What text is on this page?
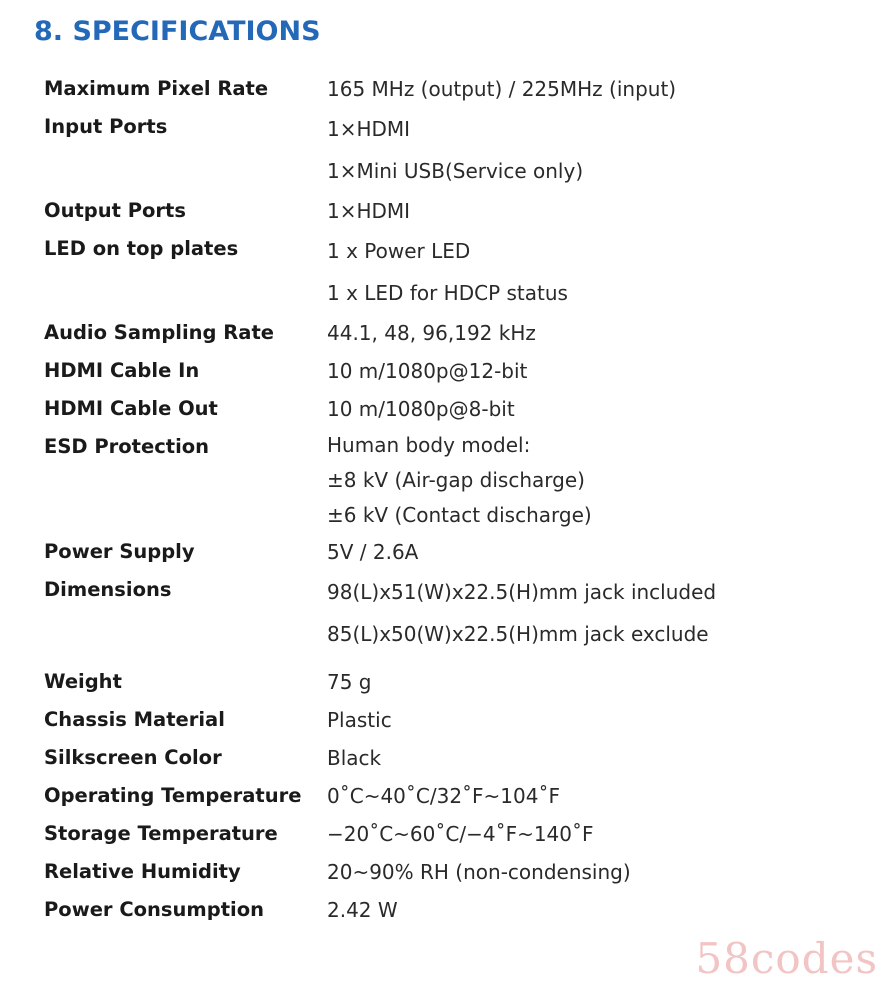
8. SPECIFICATIONS
Maximum Pixel Rate	165 MHz (output) / 225MHz (input)
Input Ports	1×HDMI
1×Mini USB(Service only)
Output Ports	1×HDMI
LED on top plates	1 x Power LED
1 x LED for HDCP status
Audio Sampling Rate	44.1, 48, 96,192 kHz
HDMI Cable In	10 m/1080p@12-bit
HDMI Cable Out	10 m/1080p@8-bit
ESD Protection	Human body model:
±8 kV (Air-gap discharge)
±6 kV (Contact discharge)
Power Supply	5V / 2.6A
Dimensions	98(L)x51(W)x22.5(H)mm jack included
85(L)x50(W)x22.5(H)mm jack exclude
Weight	75 g
Chassis Material	Plastic
Silkscreen Color	Black
Operating Temperature	0˚C~40˚C/32˚F~104˚F
Storage Temperature	−20˚C~60˚C/−4˚F~140˚F
Relative Humidity	20~90% RH (non-condensing)
Power Consumption	2.42 W
58codes
